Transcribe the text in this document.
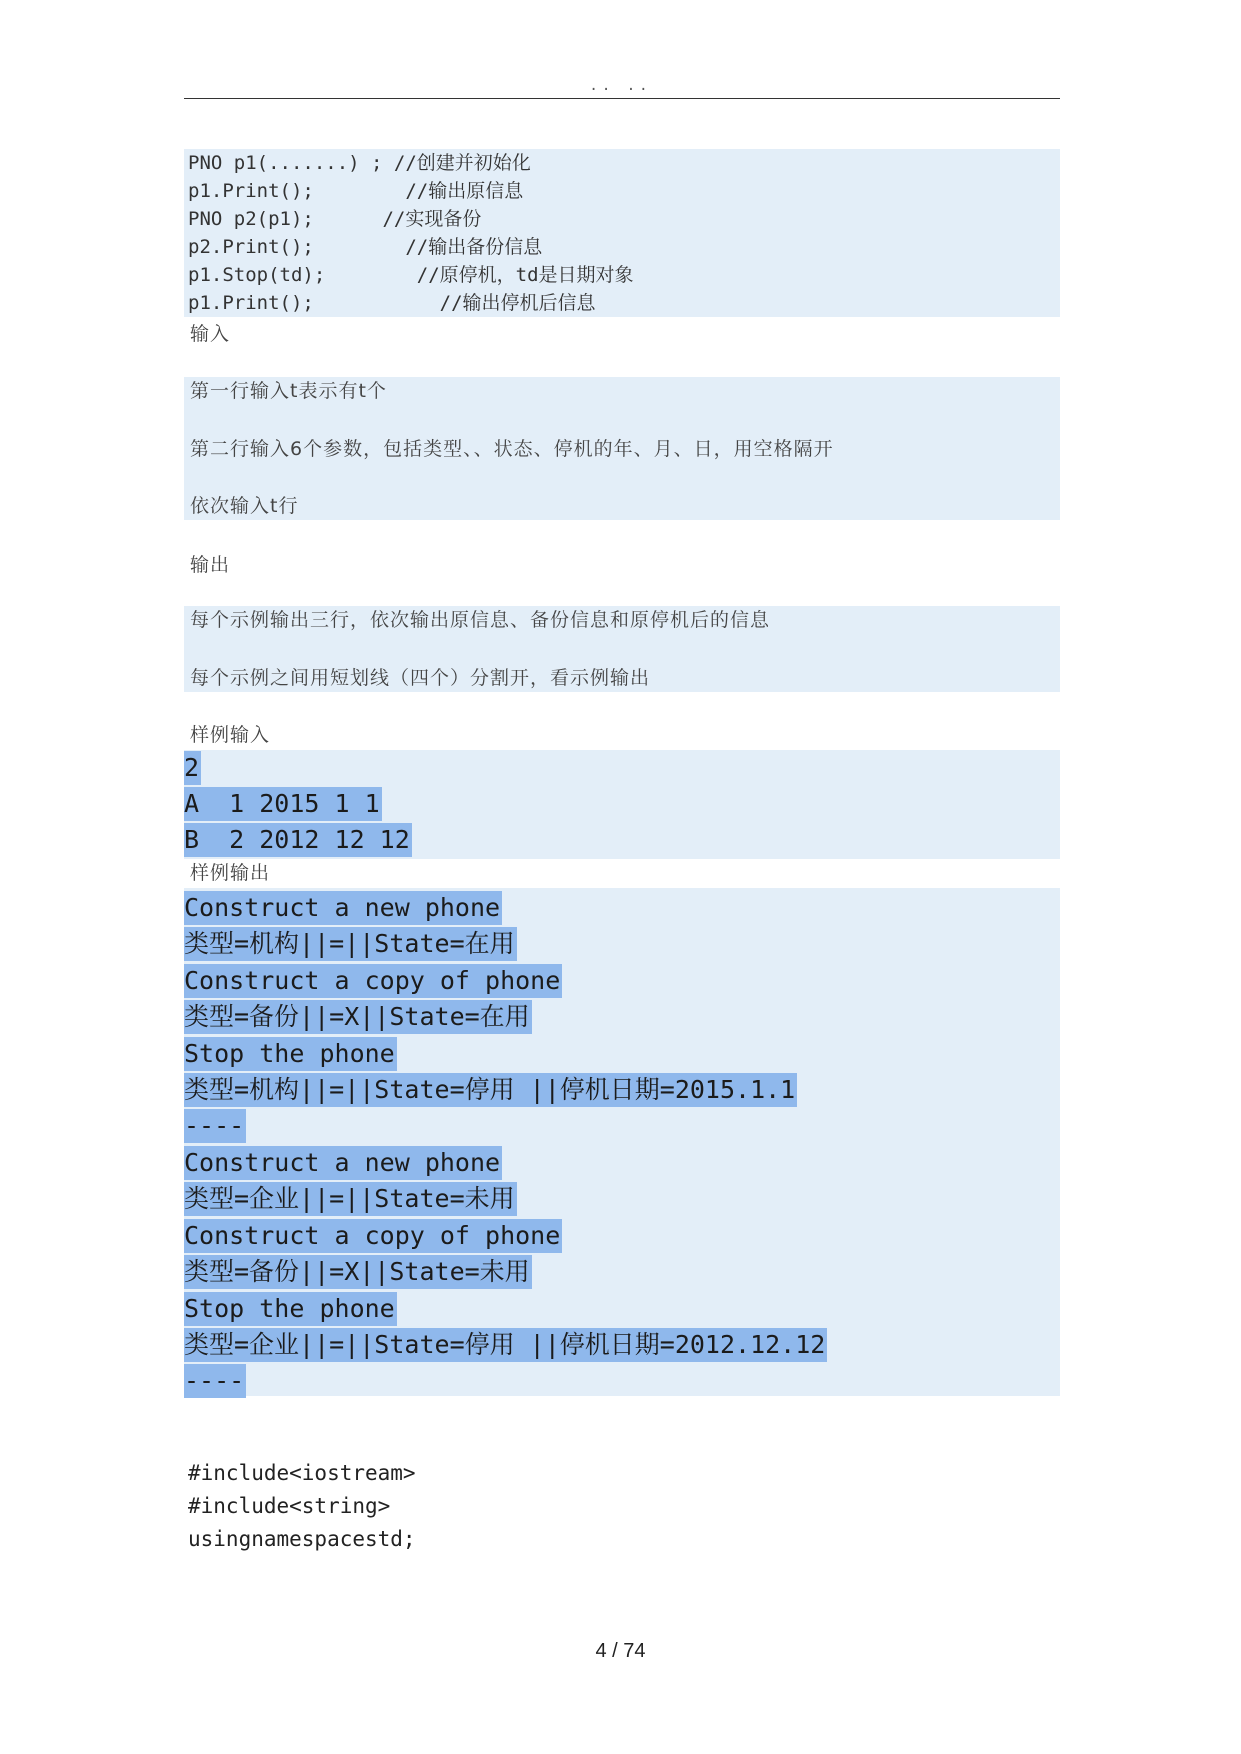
.. ..
PNO p1(.......) ; //创建并初始化
p1.Print();        //输出原信息
PNO p2(p1);      //实现备份
p2.Print();        //输出备份信息
p1.Stop(td);        //原停机，td是日期对象
p1.Print();           //输出停机后信息
输入
第一行输入t表示有t个
第二行输入6个参数，包括类型、、状态、停机的年、月、日，用空格隔开
依次输入t行
输出
每个示例输出三行，依次输出原信息、备份信息和原停机后的信息
每个示例之间用短划线（四个）分割开，看示例输出
样例输入
2
A  1 2015 1 1
B  2 2012 12 12
样例输出
Construct a new phone
类型=机构||=||State=在用
Construct a copy of phone
类型=备份||=X||State=在用
Stop the phone
类型=机构||=||State=停用 ||停机日期=2015.1.1
----
Construct a new phone
类型=企业||=||State=未用
Construct a copy of phone
类型=备份||=X||State=未用
Stop the phone
类型=企业||=||State=停用 ||停机日期=2012.12.12
----
#include<iostream>
#include<string>
usingnamespacestd;
4 / 74
